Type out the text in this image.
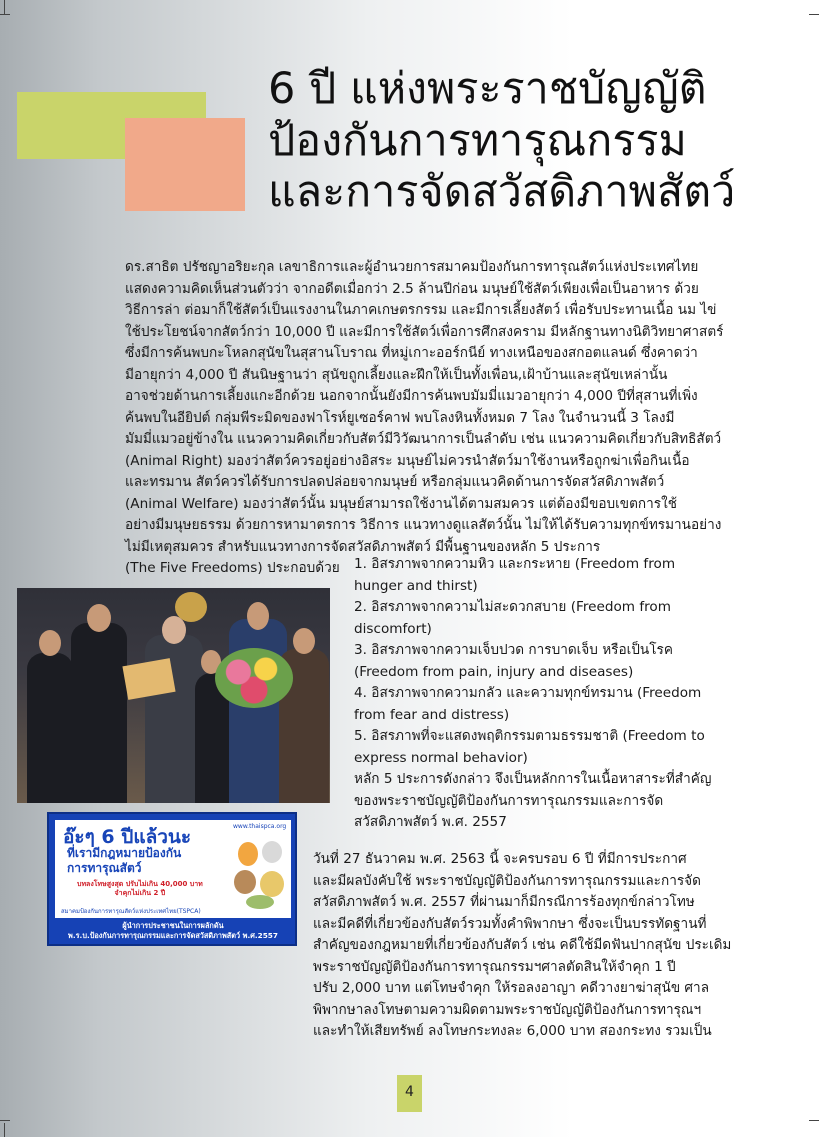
6 ปี แห่งพระราชบัญญัติ
ป้องกันการทารุณกรรม
และการจัดสวัสดิภาพสัตว์
ดร.สาธิต ปรัชญาอริยะกุล เลขาธิการและผู้อำนวยการสมาคมป้องกันการทารุณสัตว์แห่งประเทศไทย
แสดงความคิดเห็นส่วนตัวว่า จากอดีตเมื่อกว่า 2.5 ล้านปีก่อน มนุษย์ใช้สัตว์เพียงเพื่อเป็นอาหาร ด้วย
วิธีการล่า ต่อมาก็ใช้สัตว์เป็นแรงงานในภาคเกษตรกรรม และมีการเลี้ยงสัตว์ เพื่อรับประทานเนื้อ นม ไข่
ใช้ประโยชน์จากสัตว์กว่า 10,000 ปี และมีการใช้สัตว์เพื่อการศึกสงคราม มีหลักฐานทางนิติวิทยาศาสตร์
ซึ่งมีการค้นพบกะโหลกสุนัขในสุสานโบราณ ที่หมู่เกาะออร์กนีย์ ทางเหนือของสกอตแลนด์ ซึ่งคาดว่า
มีอายุกว่า 4,000 ปี สันนิษฐานว่า สุนัขถูกเลี้ยงและฝึกให้เป็นทั้งเพื่อน,เฝ้าบ้านและสุนัขเหล่านั้น
อาจช่วยด้านการเลี้ยงแกะอีกด้วย นอกจากนั้นยังมีการค้นพบมัมมี่แมวอายุกว่า 4,000 ปีที่สุสานที่เพิ่ง
ค้นพบในอียิปต์ กลุ่มพีระมิดของฟาโรห์ยูเซอร์คาฟ พบโลงหินทั้งหมด 7 โลง ในจำนวนนี้ 3 โลงมี
มัมมี่แมวอยู่ข้างใน แนวความคิดเกี่ยวกับสัตว์มีวิวัฒนาการเป็นลำดับ เช่น แนวความคิดเกี่ยวกับสิทธิสัตว์
(Animal Right) มองว่าสัตว์ควรอยู่อย่างอิสระ มนุษย์ไม่ควรนำสัตว์มาใช้งานหรือถูกฆ่าเพื่อกินเนื้อ
และทรมาน สัตว์ควรได้รับการปลดปล่อยจากมนุษย์ หรือกลุ่มแนวคิดด้านการจัดสวัสดิภาพสัตว์
(Animal Welfare) มองว่าสัตว์นั้น มนุษย์สามารถใช้งานได้ตามสมควร แต่ต้องมีขอบเขตการใช้
อย่างมีมนุษยธรรม ด้วยการหามาตรการ วิธีการ แนวทางดูแลสัตว์นั้น ไม่ให้ได้รับความทุกข์ทรมานอย่าง
ไม่มีเหตุสมควร สำหรับแนวทางการจัดสวัสดิภาพสัตว์ มีพื้นฐานของหลัก 5 ประการ
(The Five Freedoms) ประกอบด้วย
อ๊ะๆ 6 ปีแล้วนะ	www.thaispca.org
ที่เรามีกฎหมายป้องกัน
การทารุณสัตว์
บทลงโทษสูงสุด ปรับไม่เกิน 40,000 บาท
จำคุกไม่เกิน 2 ปี
สมาคมป้องกันการทารุณสัตว์แห่งประเทศไทย(TSPCA)
ผู้นำการประชาชนในการผลักดัน
พ.ร.บ.ป้องกันการทารุณกรรมและการจัดสวัสดิภาพสัตว์ พ.ศ.2557
1. อิสรภาพจากความหิว และกระหาย (Freedom from
hunger and thirst)
2. อิสรภาพจากความไม่สะดวกสบาย (Freedom from
discomfort)
3. อิสรภาพจากความเจ็บปวด การบาดเจ็บ หรือเป็นโรค
(Freedom from pain, injury and diseases)
4. อิสรภาพจากความกลัว และความทุกข์ทรมาน (Freedom
from fear and distress)
5. อิสรภาพที่จะแสดงพฤติกรรมตามธรรมชาติ (Freedom to
express normal behavior)
หลัก 5 ประการดังกล่าว จึงเป็นหลักการในเนื้อหาสาระที่สำคัญ
ของพระราชบัญญัติป้องกันการทารุณกรรมและการจัด
สวัสดิภาพสัตว์ พ.ศ. 2557
วันที่ 27 ธันวาคม พ.ศ. 2563 นี้ จะครบรอบ 6 ปี ที่มีการประกาศ
และมีผลบังคับใช้ พระราชบัญญัติป้องกันการทารุณกรรมและการจัด
สวัสดิภาพสัตว์ พ.ศ. 2557 ที่ผ่านมาก็มีกรณีการร้องทุกข์กล่าวโทษ
และมีคดีที่เกี่ยวข้องกับสัตว์รวมทั้งคำพิพากษา ซึ่งจะเป็นบรรทัดฐานที่
สำคัญของกฎหมายที่เกี่ยวข้องกับสัตว์ เช่น คดีใช้มีดฟันปากสุนัข ประเดิม
พระราชบัญญัติป้องกันการทารุณกรรมฯศาลตัดสินให้จำคุก 1 ปี
ปรับ 2,000 บาท แต่โทษจำคุก ให้รอลงอาญา คดีวางยาฆ่าสุนัข ศาล
พิพากษาลงโทษตามความผิดตามพระราชบัญญัติป้องกันการทารุณฯ
และทำให้เสียทรัพย์ ลงโทษกระทงละ 6,000 บาท สองกระทง รวมเป็น
4
